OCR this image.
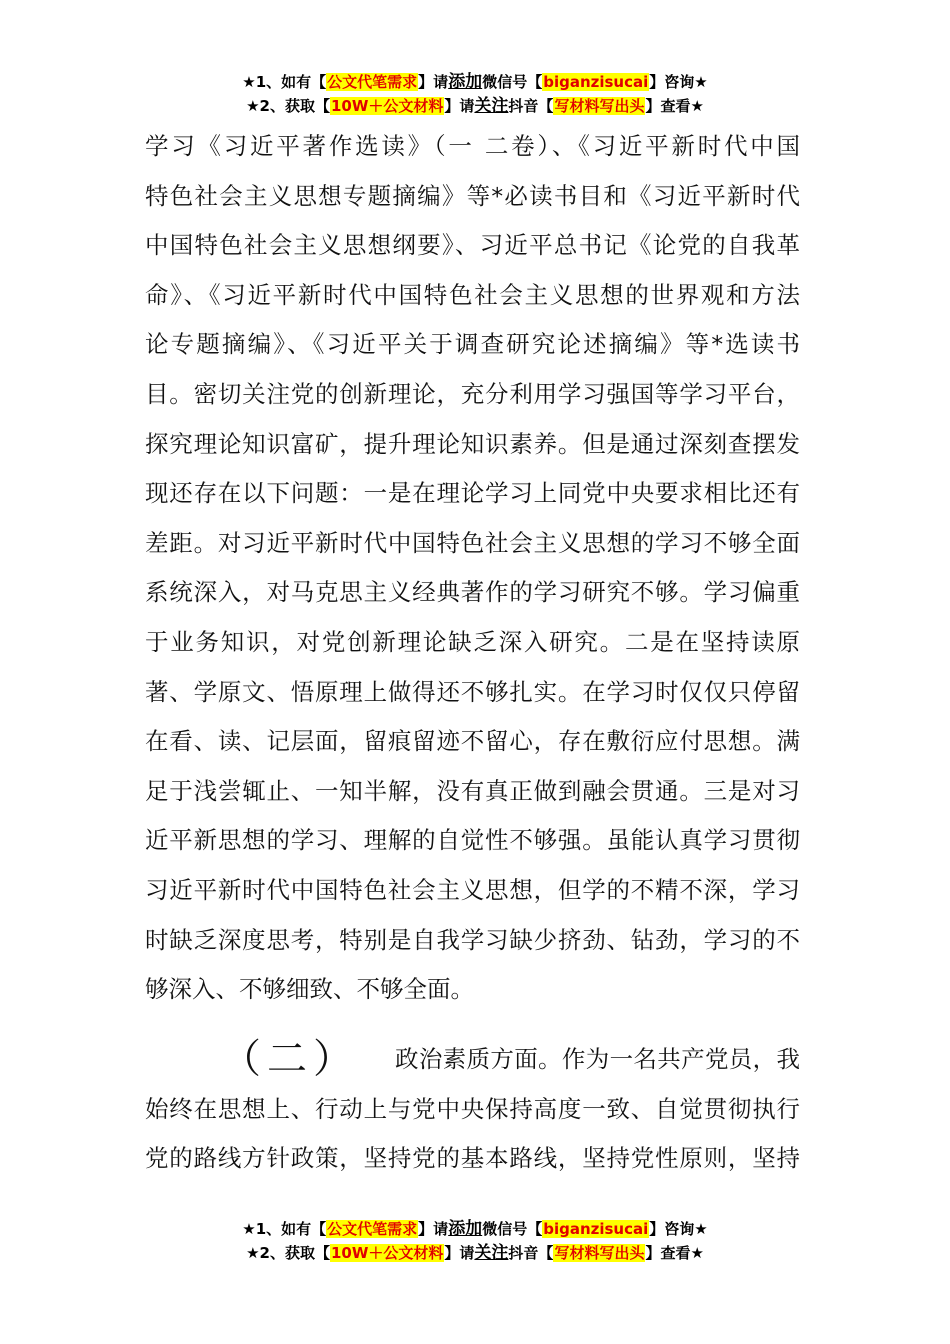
★1、如有【公文代笔需求】请添加微信号【biganzisucai】咨询★
★2、获取【10W＋公文材料】请关注抖音【写材料写出头】查看★
学习《习近平著作选读》（一 二卷）、《习近平新时代中国
特色社会主义思想专题摘编》等*必读书目和《习近平新时代
中国特色社会主义思想纲要》、习近平总书记《论党的自我革
命》、《习近平新时代中国特色社会主义思想的世界观和方法
论专题摘编》、《习近平关于调查研究论述摘编》等*选读书
目。密切关注党的创新理论，充分利用学习强国等学习平台，
探究理论知识富矿，提升理论知识素养。但是通过深刻查摆发
现还存在以下问题：一是在理论学习上同党中央要求相比还有
差距。对习近平新时代中国特色社会主义思想的学习不够全面
系统深入，对马克思主义经典著作的学习研究不够。学习偏重
于业务知识，对党创新理论缺乏深入研究。二是在坚持读原
著、学原文、悟原理上做得还不够扎实。在学习时仅仅只停留
在看、读、记层面，留痕留迹不留心，存在敷衍应付思想。满
足于浅尝辄止、一知半解，没有真正做到融会贯通。三是对习
近平新思想的学习、理解的自觉性不够强。虽能认真学习贯彻
习近平新时代中国特色社会主义思想，但学的不精不深，学习
时缺乏深度思考，特别是自我学习缺少挤劲、钻劲，学习的不
够深入、不够细致、不够全面。
（二） 政治素质方面。作为一名共产党员，我
始终在思想上、行动上与党中央保持高度一致、自觉贯彻执行
党的路线方针政策，坚持党的基本路线，坚持党性原则，坚持
★1、如有【公文代笔需求】请添加微信号【biganzisucai】咨询★
★2、获取【10W＋公文材料】请关注抖音【写材料写出头】查看★
